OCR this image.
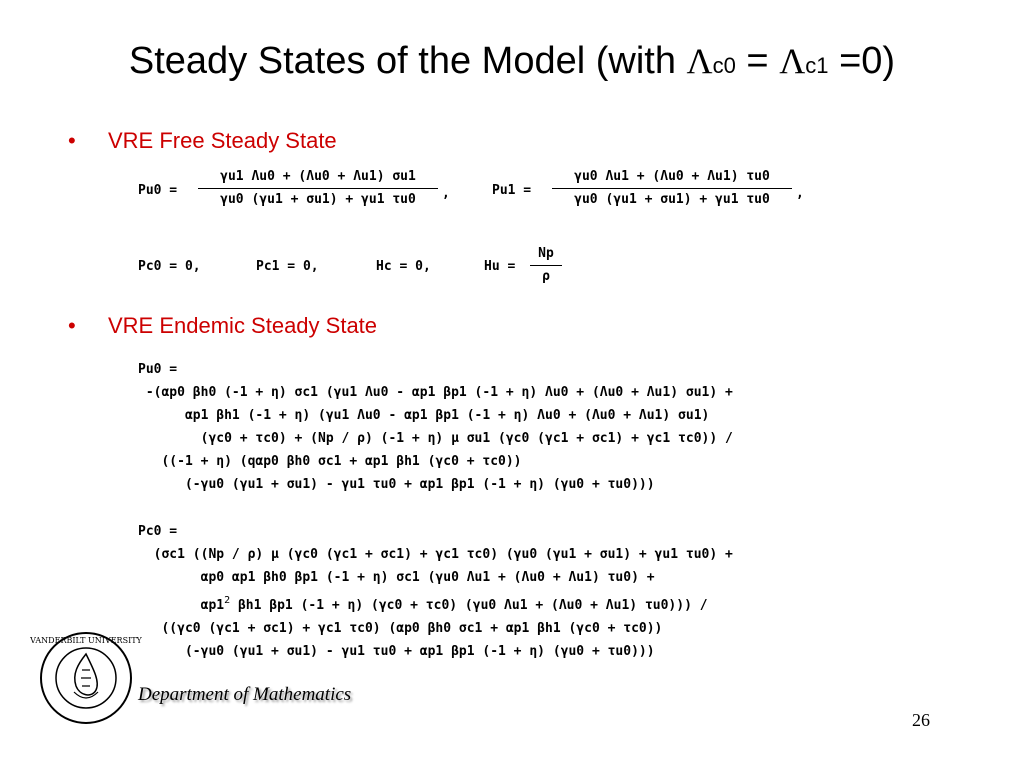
Steady States of the Model (with Λc0 = Λc1 =0)
• VRE Free Steady State
Pu0 =
γu1 Λu0 + (Λu0 + Λu1) σu1
γu0 (γu1 + σu1) + γu1 τu0	,	Pu1 =
γu0 Λu1 + (Λu0 + Λu1) τu0
γu0 (γu1 + σu1) + γu1 τu0	,
Pc0 = 0,	Pc1 = 0,	Hc = 0,	Hu =
Np
ρ
• VRE Endemic Steady State
Pu0 =
-(αp0 βh0 (-1 + η) σc1 (γu1 Λu0 - αp1 βp1 (-1 + η) Λu0 + (Λu0 + Λu1) σu1) +
αp1 βh1 (-1 + η) (γu1 Λu0 - αp1 βp1 (-1 + η) Λu0 + (Λu0 + Λu1) σu1)
(γc0 + τc0) + (Np / ρ) (-1 + η) μ σu1 (γc0 (γc1 + σc1) + γc1 τc0)) /
((-1 + η) (qαp0 βh0 σc1 + αp1 βh1 (γc0 + τc0))
(-γu0 (γu1 + σu1) - γu1 τu0 + αp1 βp1 (-1 + η) (γu0 + τu0)))
Pc0 =
(σc1 ((Np / ρ) μ (γc0 (γc1 + σc1) + γc1 τc0) (γu0 (γu1 + σu1) + γu1 τu0) +
αp0 αp1 βh0 βp1 (-1 + η) σc1 (γu0 Λu1 + (Λu0 + Λu1) τu0) +
$\alpha p1^2$ βh1 βp1 (-1 + η) (γc0 + τc0) (γu0 Λu1 + (Λu0 + Λu1) τu0))) /
((γc0 (γc1 + σc1) + γc1 τc0) (αp0 βh0 σc1 + αp1 βh1 (γc0 + τc0))
(-γu0 (γu1 + σu1) - γu1 τu0 + αp1 βp1 (-1 + η) (γu0 + τu0)))
VANDERBILT UNIVERSITY
Department of Mathematics
26
